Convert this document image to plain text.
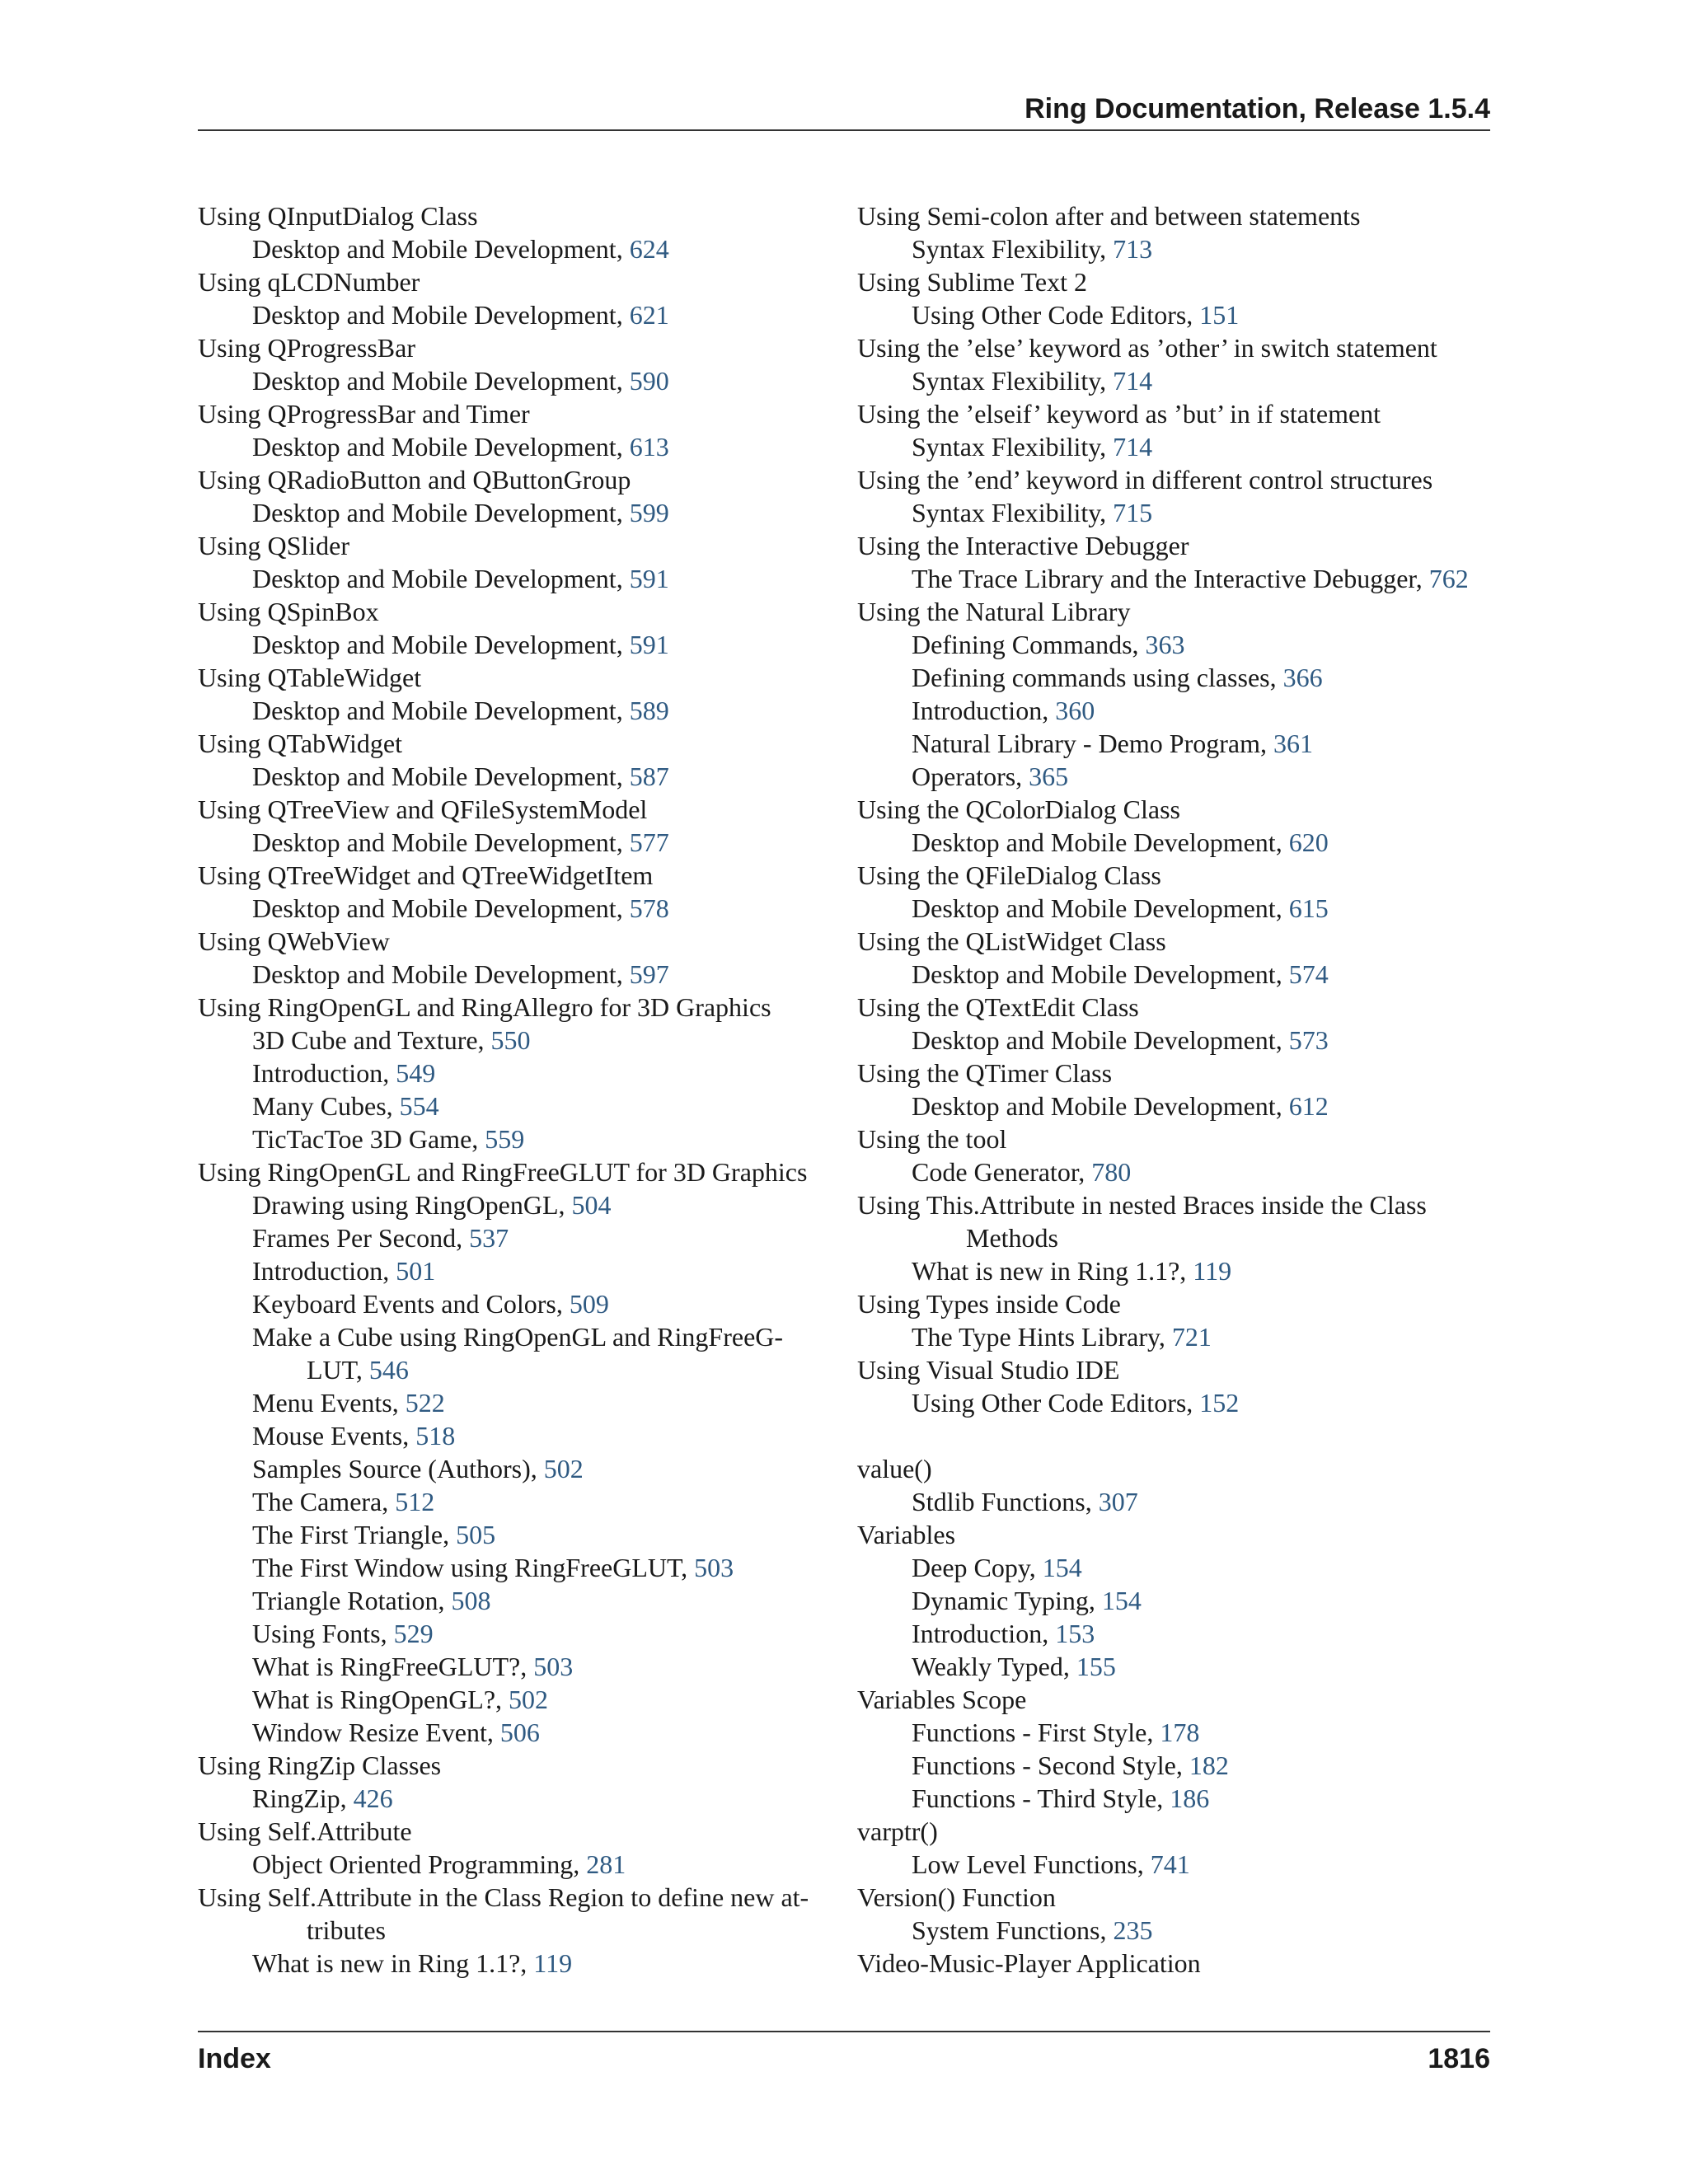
Ring Documentation, Release 1.5.4
Using QInputDialog Class
Desktop and Mobile Development, 624
Using qLCDNumber
Desktop and Mobile Development, 621
Using QProgressBar
Desktop and Mobile Development, 590
Using QProgressBar and Timer
Desktop and Mobile Development, 613
Using QRadioButton and QButtonGroup
Desktop and Mobile Development, 599
Using QSlider
Desktop and Mobile Development, 591
Using QSpinBox
Desktop and Mobile Development, 591
Using QTableWidget
Desktop and Mobile Development, 589
Using QTabWidget
Desktop and Mobile Development, 587
Using QTreeView and QFileSystemModel
Desktop and Mobile Development, 577
Using QTreeWidget and QTreeWidgetItem
Desktop and Mobile Development, 578
Using QWebView
Desktop and Mobile Development, 597
Using RingOpenGL and RingAllegro for 3D Graphics
3D Cube and Texture, 550
Introduction, 549
Many Cubes, 554
TicTacToe 3D Game, 559
Using RingOpenGL and RingFreeGLUT for 3D Graphics
Drawing using RingOpenGL, 504
Frames Per Second, 537
Introduction, 501
Keyboard Events and Colors, 509
Make a Cube using RingOpenGL and RingFreeG-
LUT, 546
Menu Events, 522
Mouse Events, 518
Samples Source (Authors), 502
The Camera, 512
The First Triangle, 505
The First Window using RingFreeGLUT, 503
Triangle Rotation, 508
Using Fonts, 529
What is RingFreeGLUT?, 503
What is RingOpenGL?, 502
Window Resize Event, 506
Using RingZip Classes
RingZip, 426
Using Self.Attribute
Object Oriented Programming, 281
Using Self.Attribute in the Class Region to define new at-
tributes
What is new in Ring 1.1?, 119
Using Semi-colon after and between statements
Syntax Flexibility, 713
Using Sublime Text 2
Using Other Code Editors, 151
Using the ’else’ keyword as ’other’ in switch statement
Syntax Flexibility, 714
Using the ’elseif’ keyword as ’but’ in if statement
Syntax Flexibility, 714
Using the ’end’ keyword in different control structures
Syntax Flexibility, 715
Using the Interactive Debugger
The Trace Library and the Interactive Debugger, 762
Using the Natural Library
Defining Commands, 363
Defining commands using classes, 366
Introduction, 360
Natural Library - Demo Program, 361
Operators, 365
Using the QColorDialog Class
Desktop and Mobile Development, 620
Using the QFileDialog Class
Desktop and Mobile Development, 615
Using the QListWidget Class
Desktop and Mobile Development, 574
Using the QTextEdit Class
Desktop and Mobile Development, 573
Using the QTimer Class
Desktop and Mobile Development, 612
Using the tool
Code Generator, 780
Using This.Attribute in nested Braces inside the Class
Methods
What is new in Ring 1.1?, 119
Using Types inside Code
The Type Hints Library, 721
Using Visual Studio IDE
Using Other Code Editors, 152
value()
Stdlib Functions, 307
Variables
Deep Copy, 154
Dynamic Typing, 154
Introduction, 153
Weakly Typed, 155
Variables Scope
Functions - First Style, 178
Functions - Second Style, 182
Functions - Third Style, 186
varptr()
Low Level Functions, 741
Version() Function
System Functions, 235
Video-Music-Player Application
Index	1816
